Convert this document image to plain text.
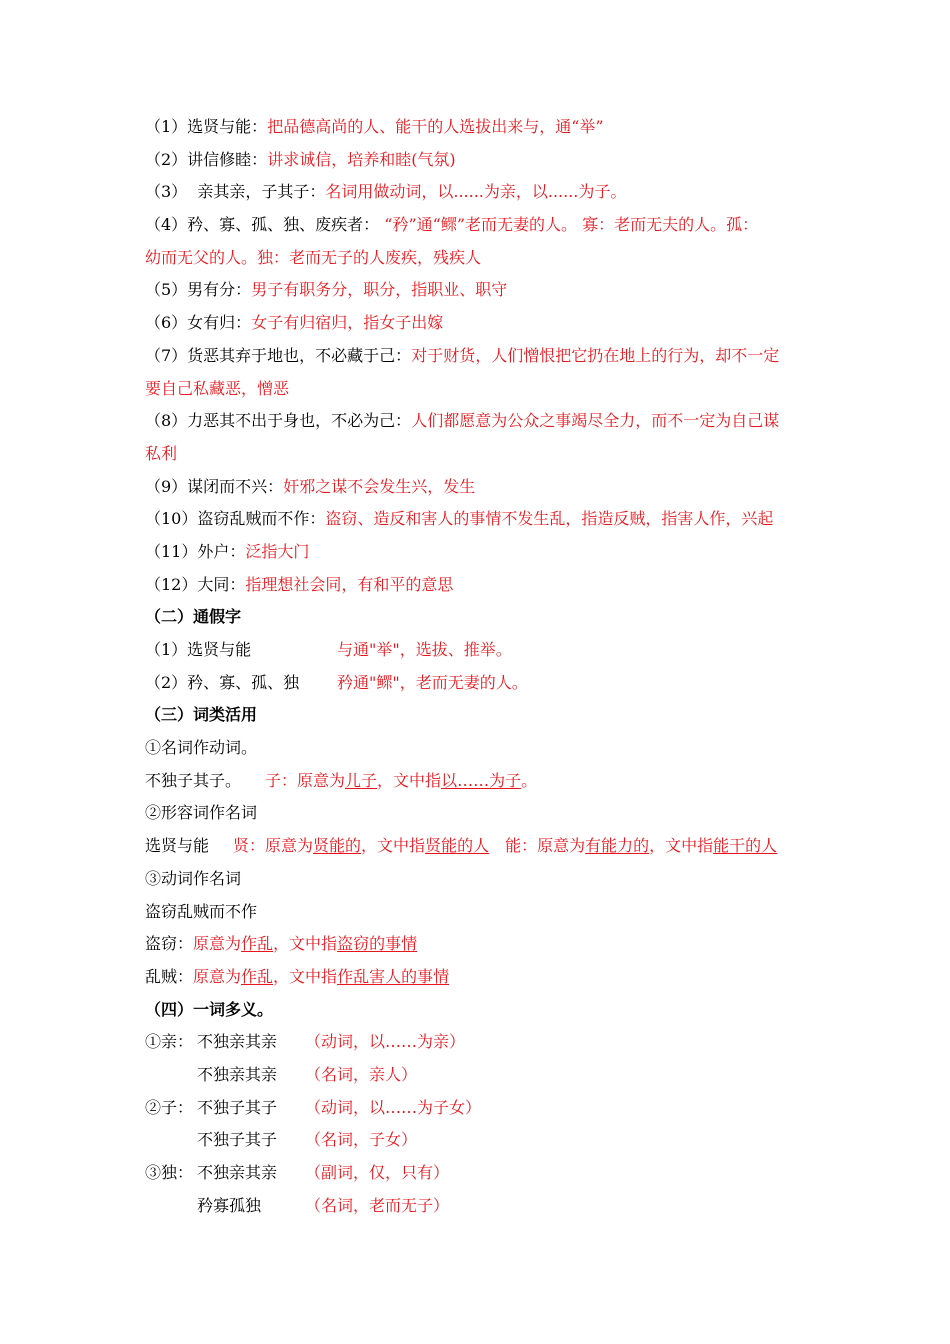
（1）选贤与能：把品德高尚的人、能干的人选拔出来与，通“举”
（2）讲信修睦：讲求诚信，培养和睦(气氛)
（3）  亲其亲，子其子：名词用做动词，以......为亲，以......为子。
（4）矜、寡、孤、独、废疾者： “矜”通“鳏”老而无妻的人。 寡：老而无夫的人。孤：
幼而无父的人。独：老而无子的人废疾，残疾人
（5）男有分：男子有职务分，职分，指职业、职守
（6）女有归：女子有归宿归，指女子出嫁
（7）货恶其弃于地也，不必藏于己：对于财货，人们憎恨把它扔在地上的行为，却不一定
要自己私藏恶，憎恶
（8）力恶其不出于身也，不必为己：人们都愿意为公众之事竭尽全力，而不一定为自己谋
私利
（9）谋闭而不兴：奸邪之谋不会发生兴，发生
（10）盗窃乱贼而不作：盗窃、造反和害人的事情不发生乱，指造反贼，指害人作，兴起
（11）外户：泛指大门
（12）大同：指理想社会同，有和平的意思
（二）通假字
（1）选贤与能	与通"举"，选拔、推举。
（2）矜、寡、孤、独 矜通"鳏"，老而无妻的人。
（三）词类活用
①名词作动词。
不独子其子。 子：原意为儿子，文中指以……为子。
②形容词作名词
选贤与能 贤：原意为贤能的，文中指贤能的人 能：原意为有能力的，文中指能干的人
③动词作名词
盗窃乱贼而不作
盗窃：原意为作乱，文中指盗窃的事情
乱贼：原意为作乱，文中指作乱害人的事情
（四）一词多义。
①亲： 不独亲其亲 （动词，以……为亲）
不独亲其亲 （名词，亲人）
②子： 不独子其子 （动词，以……为子女）
不独子其子 （名词，子女）
③独： 不独亲其亲 （副词，仅，只有）
矜寡孤独	（名词，老而无子）
